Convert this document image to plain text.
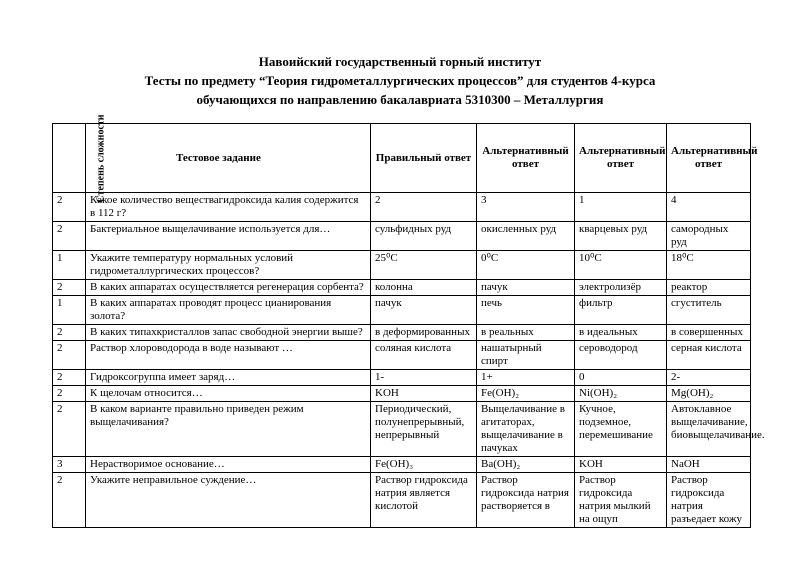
Навоийский государственный горный институт
Тесты по предмету “Теория гидрометаллургических процессов” для студентов 4-курса
обучающихся по направлению бакалавриата 5310300 – Металлургия
Степень сложности	Тестовое задание	Правильный ответ	Альтернативный ответ	Альтернативный ответ	Альтернативный ответ
2	Какое количество веществагидроксида калия содержится в 112 г?	2	3	1	4
2	Бактериальное выщелачивание используется для…	сульфидных руд	окисленных руд	кварцевых руд	самородных руд
1	Укажите температуру нормальных условий гидрометаллургических процессов?	25⁰С	0⁰С	10⁰С	18⁰С
2	В каких аппаратах осуществляется регенерация сорбента?	колонна	пачук	электролизёр	реактор
1	В каких аппаратах проводят процесс цианирования золота?	пачук	печь	фильтр	сгуститель
2	В каких типахкристаллов запас свободной энергии выше?	в деформированных	в реальных	в идеальных	в совершенных
2	Раствор хлороводорода в воде называют …	соляная кислота	нашатырный спирт	сероводород	серная кислота
2	Гидроксогруппа имеет заряд…	1-	1+	0	2-
2	К щелочам относится…	KOH	Fe(OH)₂	Ni(OH)₂	Mg(OH)₂
2	В каком варианте правильно приведен режим выщелачивания?	Периодический, полунепрерывный, непрерывный	Выщелачивание в агитаторах, выщелачивание в пачуках	Кучное, подземное, перемешивание	Автоклавное выщелачивание, биовыщелачивание.
3	Нерастворимое основание…	Fe(OH)₃	Ba(OH)₂	KOH	NaOH
2	Укажите неправильное суждение…	Раствор гидроксида натрия является кислотой	Раствор гидроксида натрия растворяется в	Раствор гидроксида натрия мылкий на ощуп	Раствор гидроксида натрия разъедает кожу
